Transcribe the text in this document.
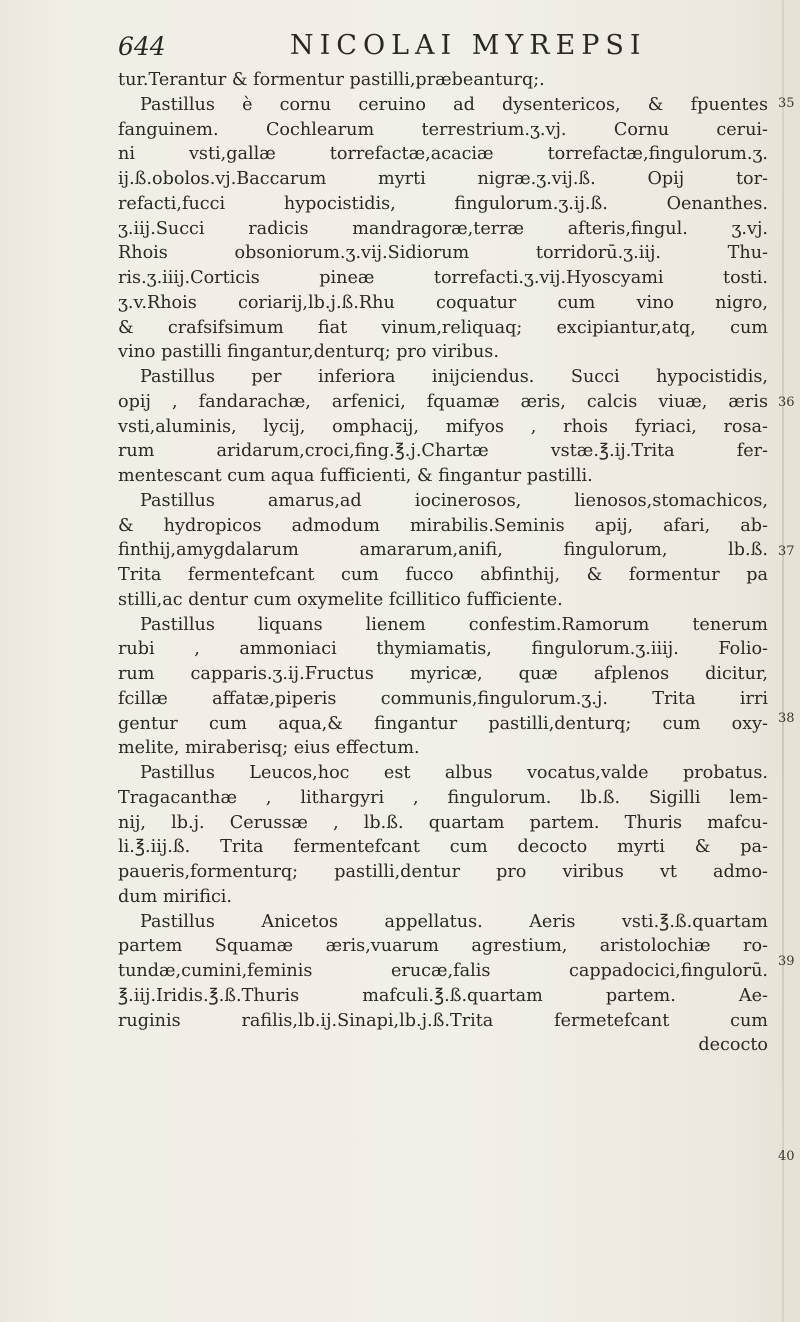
644	NICOLAI MYREPSI
tur.Terantur & formentur pastilli,præbeanturq;.
Pastillus è cornu ceruino ad dysentericos, & fpuentes
fanguinem. Cochlearum terrestrium.ʒ.vj. Cornu cerui-
ni vsti,gallæ torrefactæ,acaciæ torrefactæ,fingulorum.ʒ.
ij.ß.obolos.vj.Baccarum myrti nigræ.ʒ.vij.ß. Opij tor-
refacti,fucci hypocistidis, fingulorum.ʒ.ij.ß. Oenanthes.
ʒ.iij.Succi radicis mandragoræ,terræ afteris,fingul. ʒ.vj.
Rhois obsoniorum.ʒ.vij.Sidiorum torridorū.ʒ.iij. Thu-
ris.ʒ.iiij.Corticis pineæ torrefacti.ʒ.vij.Hyoscyami tosti.
ʒ.v.Rhois coriarij,lb.j.ß.Rhu coquatur cum vino nigro,
& crafsifsimum fiat vinum,reliquaq; excipiantur,atq, cum
vino pastilli fingantur,denturq; pro viribus.
Pastillus per inferiora inijciendus. Succi hypocistidis,
opij , fandarachæ, arfenici, fquamæ æris, calcis viuæ, æris
vsti,aluminis, lycij, omphacij, mifyos , rhois fyriaci, rosa-
rum aridarum,croci,fing.℥.j.Chartæ vstæ.℥.ij.Trita fer-
mentescant cum aqua fufficienti, & fingantur pastilli.
Pastillus amarus,ad iocinerosos, lienosos,stomachicos,
& hydropicos admodum mirabilis.Seminis apij, afari, ab-
finthij,amygdalarum amararum,anifi, fingulorum, lb.ß.
Trita fermentefcant cum fucco abfinthij, & formentur pa
stilli,ac dentur cum oxymelite fcillitico fufficiente.
Pastillus liquans lienem confestim.Ramorum tenerum
rubi , ammoniaci thymiamatis, fingulorum.ʒ.iiij. Folio-
rum capparis.ʒ.ij.Fructus myricæ, quæ afplenos dicitur,
fcillæ affatæ,piperis communis,fingulorum.ʒ.j. Trita irri
gentur cum aqua,& fingantur pastilli,denturq; cum oxy-
melite, miraberisq; eius effectum.
Pastillus Leucos,hoc est albus vocatus,valde probatus.
Tragacanthæ , lithargyri , fingulorum. lb.ß. Sigilli lem-
nij, lb.j. Cerussæ , lb.ß. quartam partem. Thuris mafcu-
li.℥.iij.ß. Trita fermentefcant cum decocto myrti & pa-
paueris,formenturq; pastilli,dentur pro viribus vt admo-
dum mirifici.
Pastillus Anicetos appellatus. Aeris vsti.℥.ß.quartam
partem Squamæ æris,vuarum agrestium, aristolochiæ ro-
tundæ,cumini,feminis erucæ,falis cappadocici,fingulorū.
℥.iij.Iridis.℥.ß.Thuris mafculi.℥.ß.quartam partem. Ae-
ruginis rafilis,lb.ij.Sinapi,lb.j.ß.Trita fermetefcant cum
decocto
35
36
37
38
39
40
